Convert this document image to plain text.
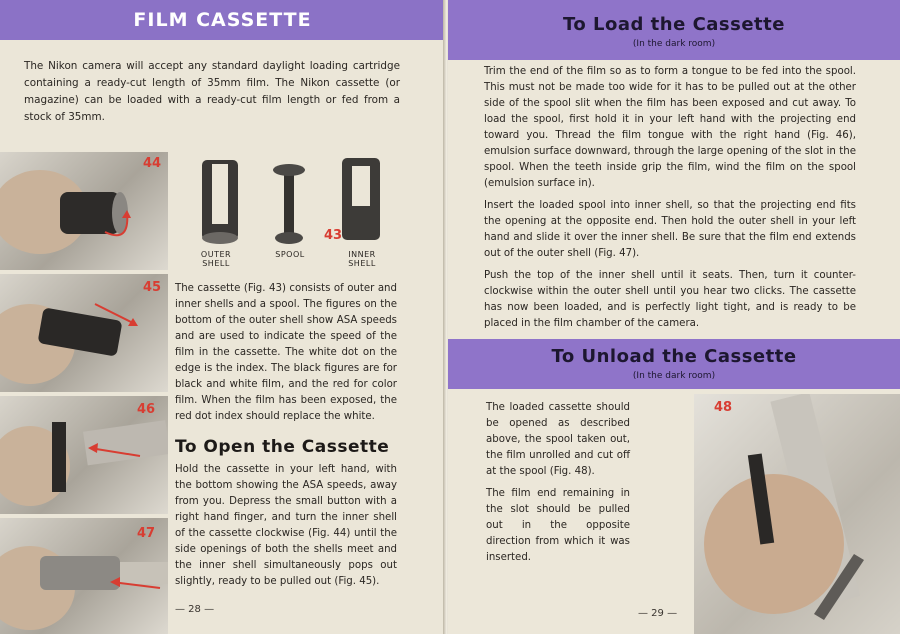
FILM CASSETTE

The Nikon camera will accept any standard daylight loading cartridge containing a ready-cut length of 35mm film. The Nikon cassette (or magazine) can be loaded with a ready-cut film length or fed from a stock of 35mm.

44
43
OUTER SHELL
SPOOL	INNER SHELL
45
46
47

The cassette (Fig. 43) consists of outer and inner shells and a spool. The figures on the bottom of the outer shell show ASA speeds and are used to indicate the speed of the film in the cassette. The white dot on the edge is the index. The black figures are for black and white film, and the red for color film. When the film has been exposed, the red dot index should replace the white.

To Open the Cassette

Hold the cassette in your left hand, with the bottom showing the ASA speeds, away from you. Depress the small button with a right hand finger, and turn the inner shell of the cassette clockwise (Fig. 44) until the side openings of both the shells meet and the inner shell simultaneously pops out slightly, ready to be pulled out (Fig. 45).

— 28 —
To Load the Cassette
(In the dark room)

Trim the end of the film so as to form a tongue to be fed into the spool. This must not be made too wide for it has to be pulled out at the other side of the spool slit when the film has been exposed and cut away. To load the spool, first hold it in your left hand with the projecting end toward you. Thread the film tongue with the right hand (Fig. 46), emulsion surface downward, through the large opening of the slot in the spool. When the teeth inside grip the film, wind the film on the spool (emulsion surface in).

Insert the loaded spool into inner shell, so that the projecting end fits the opening at the opposite end. Then hold the outer shell in your left hand and slide it over the inner shell. Be sure that the film end extends out of the outer shell (Fig. 47).

Push the top of the inner shell until it seats. Then, turn it counter-clockwise within the outer shell until you hear two clicks. The cassette has now been loaded, and is perfectly light tight, and is ready to be placed in the film chamber of the camera.

To Unload the Cassette
(In the dark room)

The loaded cassette should be opened as described above, the spool taken out, the film unrolled and cut off at the spool (Fig. 48).

The film end remaining in the slot should be pulled out in the opposite direction from which it was inserted.

48
— 29 —
